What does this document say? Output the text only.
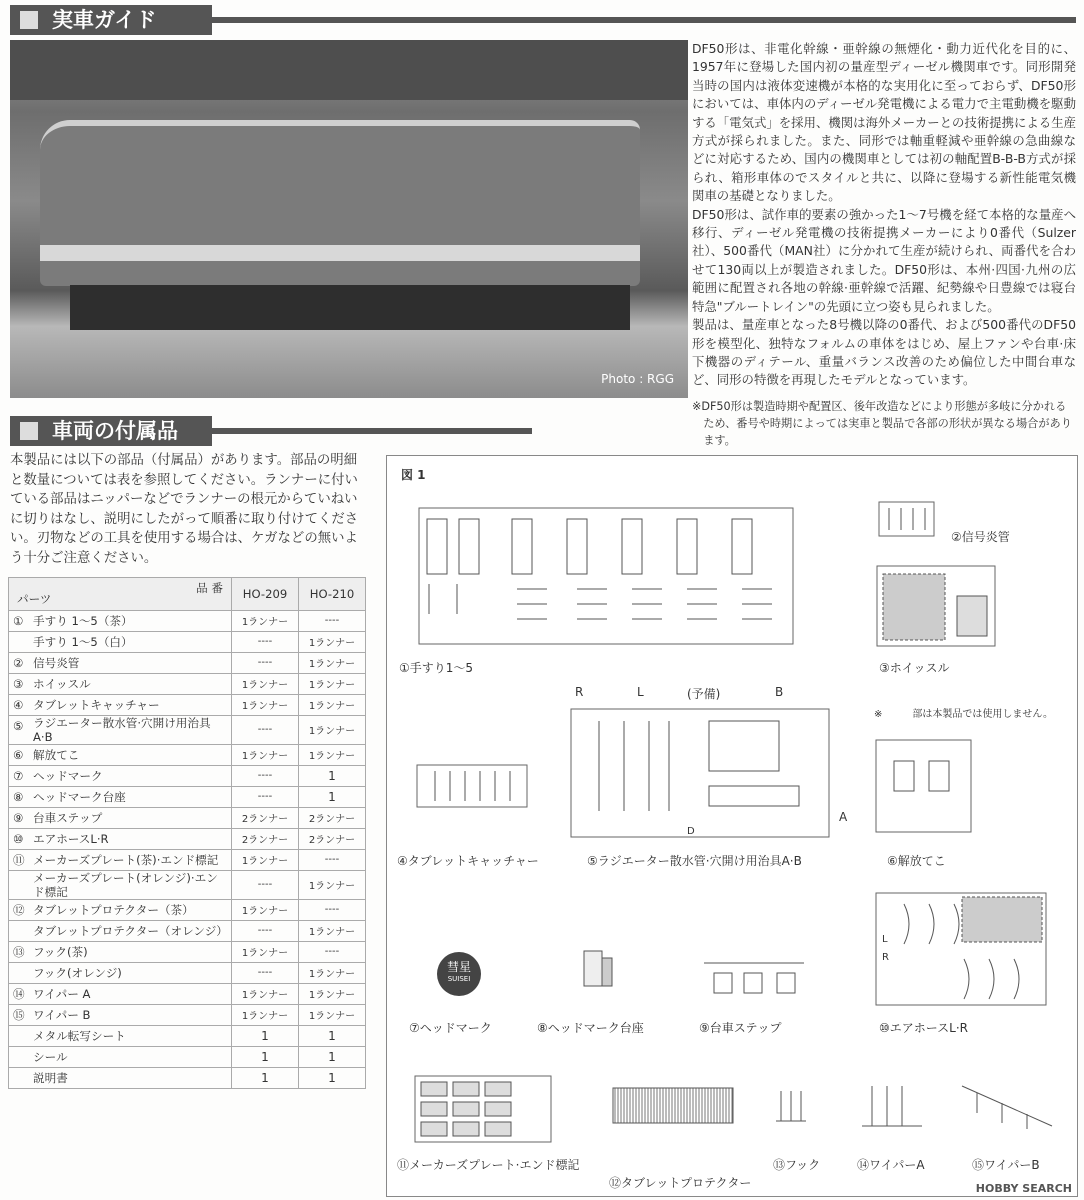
実車ガイド
Photo : RGG

DF50形は、非電化幹線・亜幹線の無煙化・動力近代化を目的に、1957年に登場した国内初の量産型ディーゼル機関車です。同形開発当時の国内は液体変速機が本格的な実用化に至っておらず、DF50形においては、車体内のディーゼル発電機による電力で主電動機を駆動する「電気式」を採用、機関は海外メーカーとの技術提携による生産方式が採られました。また、同形では軸重軽減や亜幹線の急曲線などに対応するため、国内の機関車としては初の軸配置B-B-B方式が採られ、箱形車体のでスタイルと共に、以降に登場する新性能電気機関車の基礎となりました。

DF50形は、試作車的要素の強かった1～7号機を経て本格的な量産へ移行、ディーゼル発電機の技術提携メーカーにより0番代（Sulzer社）、500番代（MAN社）に分かれて生産が続けられ、両番代を合わせて130両以上が製造されました。DF50形は、本州·四国·九州の広範囲に配置され各地の幹線·亜幹線で活躍、紀勢線や日豊線では寝台特急"ブルートレイン"の先頭に立つ姿も見られました。

製品は、量産車となった8号機以降の0番代、および500番代のDF50形を模型化、独特なフォルムの車体をはじめ、屋上ファンや台車·床下機器のディテール、重量バランス改善のため偏位した中間台車など、同形の特徴を再現したモデルとなっています。

※DF50形は製造時期や配置区、後年改造などにより形態が多岐に分かれるため、番号や時期によっては実車と製品で各部の形状が異なる場合があります。
車両の付属品
本製品には以下の部品（付属品）があります。部品の明細と数量については表を参照してください。ランナーに付いている部品はニッパーなどでランナーの根元からていねいに切りはなし、説明にしたがって順番に取り付けてください。刃物などの工具を使用する場合は、ケガなどの無いよう十分ご注意ください。
品 番
パーツ	HO-209	HO-210

① 手すり 1～5（茶）	1ランナー	----

手すり 1～5（白）	----	1ランナー

② 信号炎管	----	1ランナー

③ ホイッスル	1ランナー	1ランナー

④ タブレットキャッチャー	1ランナー	1ランナー

⑤ ラジエーター散水管·穴開け用治具A·B	----	1ランナー

⑥ 解放てこ	1ランナー	1ランナー

⑦ ヘッドマーク	----	1

⑧ ヘッドマーク台座	----	1

⑨ 台車ステップ	2ランナー	2ランナー

⑩ エアホースL·R	2ランナー	2ランナー

⑪ メーカーズプレート(茶)·エンド標記	1ランナー	----

メーカーズプレート(オレンジ)·エンド標記	----	1ランナー

⑫ タブレットプロテクター（茶）	1ランナー	----

タブレットプロテクター（オレンジ）	----	1ランナー

⑬ フック(茶)	1ランナー	----

フック(オレンジ)	----	1ランナー

⑭ ワイパー A	1ランナー	1ランナー

⑮ ワイパー B	1ランナー	1ランナー

メタル転写シート	1	1

シール	1	1

説明書	1	1
図 1
①手すり1～5
②信号炎管
③ホイッスル
※　　　部は本製品では使用しません。
④タブレットキャッチャー
R	L	(予備)	B
A
D
⑤ラジエーター散水管·穴開け用治具A·B	⑥解放てこ
彗星
SUISEI
⑦ヘッドマーク	⑧ヘッドマーク台座	⑨台車ステップ
L
R
⑩エアホースL·R
⑪メーカーズプレート·エンド標記
⑫タブレットプロテクター
⑬フック	⑭ワイパーA	⑮ワイパーB
HOBBY SEARCH
